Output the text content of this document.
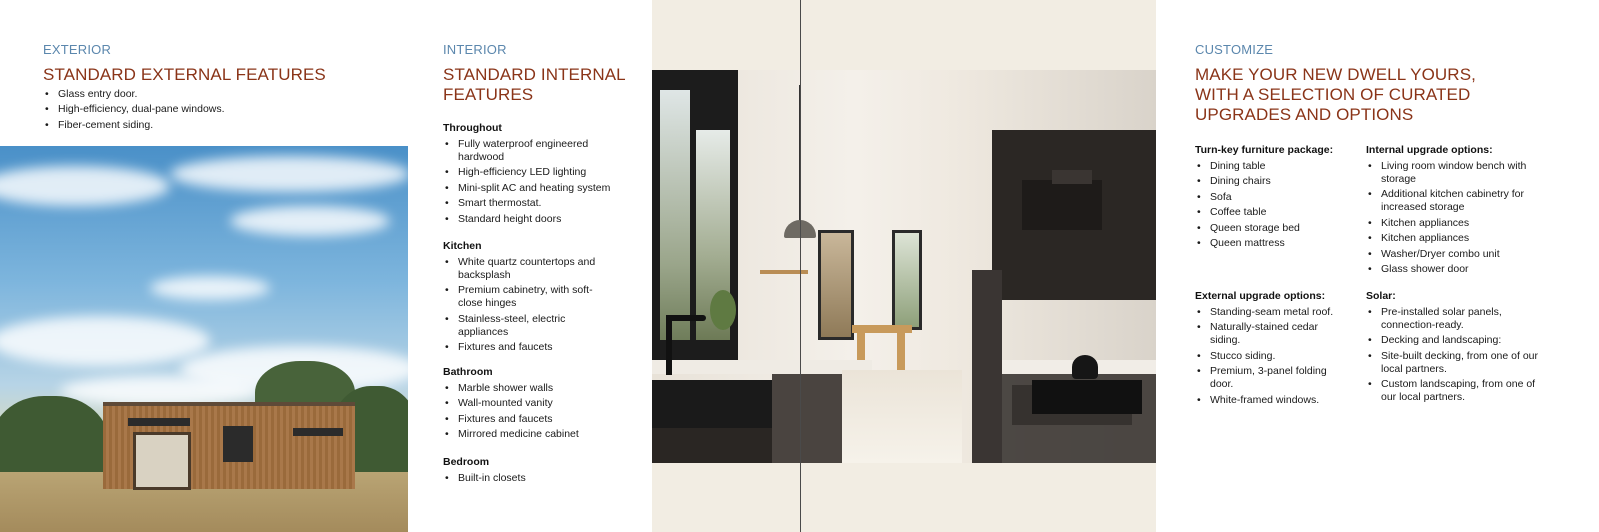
EXTERIOR
STANDARD EXTERNAL FEATURES
• Glass entry door.
• High-efficiency, dual-pane windows.
• Fiber-cement siding.
INTERIOR
STANDARD INTERNAL
FEATURES
Throughout
• Fully waterproof engineered hardwood
• High-efficiency LED lighting
• Mini-split AC and heating system
• Smart thermostat.
• Standard height doors
Kitchen
• White quartz countertops and backsplash
• Premium cabinetry, with soft-close hinges
• Stainless-steel, electric appliances
• Fixtures and faucets
Bathroom
• Marble shower walls
• Wall-mounted vanity
• Fixtures and faucets
• Mirrored medicine cabinet
Bedroom
• Built-in closets
CUSTOMIZE
MAKE YOUR NEW DWELL YOURS,
WITH A SELECTION OF CURATED
UPGRADES AND OPTIONS
Turn-key furniture package:
• Dining table
• Dining chairs
• Sofa
• Coffee table
• Queen storage bed
• Queen mattress
Internal upgrade options:
• Living room window bench with storage
• Additional kitchen cabinetry for increased storage
• Kitchen appliances
• Kitchen appliances
• Washer/Dryer combo unit
• Glass shower door
External upgrade options:
• Standing-seam metal roof.
• Naturally-stained cedar siding.
• Stucco siding.
• Premium, 3-panel folding door.
• White-framed windows.
Solar:
• Pre-installed solar panels, connection-ready.
• Decking and landscaping:
• Site-built decking, from one of our local partners.
• Custom landscaping, from one of our local partners.
